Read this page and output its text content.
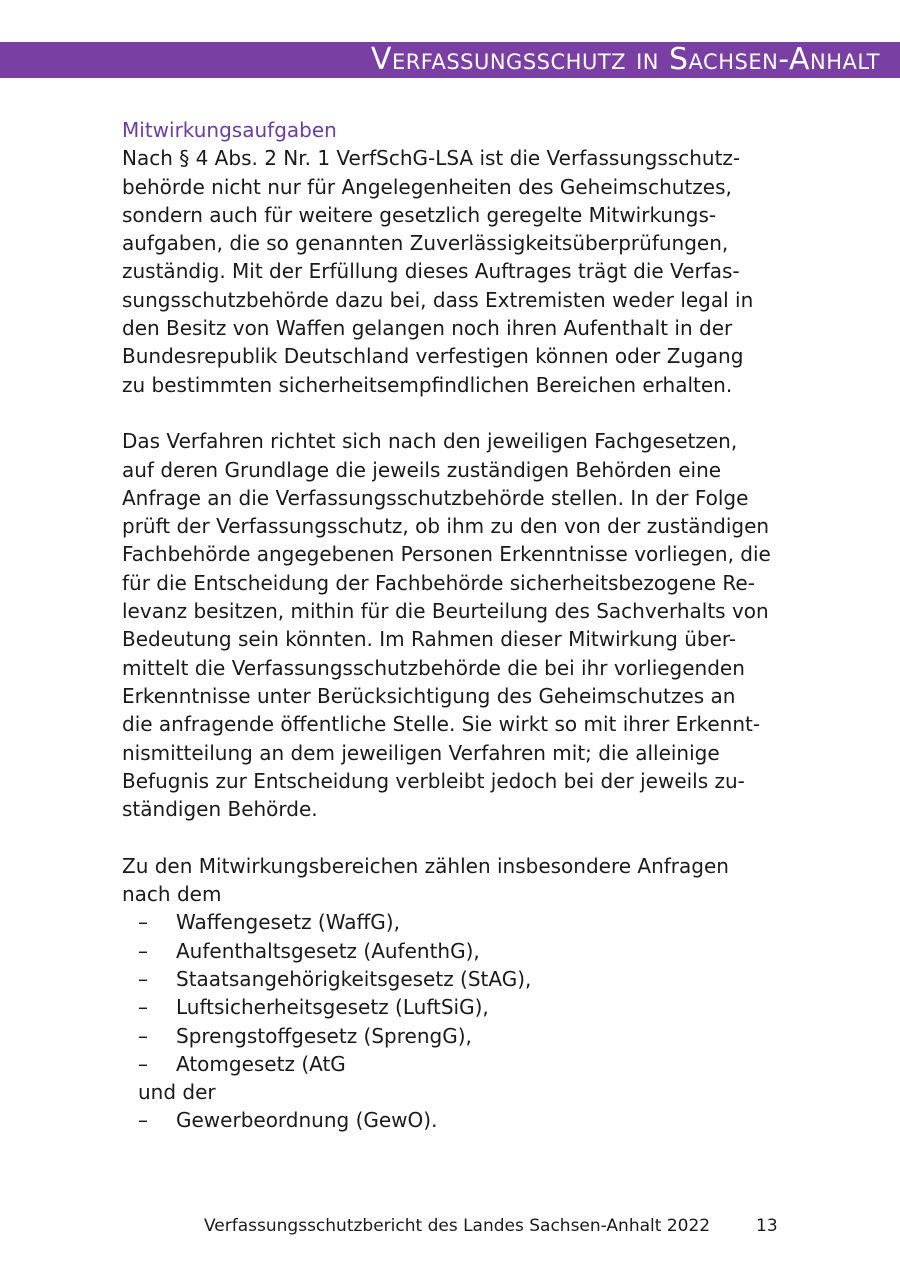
Verfassungsschutz in Sachsen-Anhalt
Mitwirkungsaufgaben

Nach § 4 Abs. 2 Nr. 1 VerfSchG-LSA ist die Verfassungsschutz-
behörde nicht nur für Angelegenheiten des Geheimschutzes,
sondern auch für weitere gesetzlich geregelte Mitwirkungs-
aufgaben, die so genannten Zuverlässigkeitsüberprüfungen,
zuständig. Mit der Erfüllung dieses Auftrages trägt die Verfas-
sungsschutzbehörde dazu bei, dass Extremisten weder legal in
den Besitz von Waffen gelangen noch ihren Aufenthalt in der
Bundesrepublik Deutschland verfestigen können oder Zugang
zu bestimmten sicherheitsempfindlichen Bereichen erhalten.

Das Verfahren richtet sich nach den jeweiligen Fachgesetzen,
auf deren Grundlage die jeweils zuständigen Behörden eine
Anfrage an die Verfassungsschutzbehörde stellen. In der Folge
prüft der Verfassungsschutz, ob ihm zu den von der zuständigen
Fachbehörde angegebenen Personen Erkenntnisse vorliegen, die
für die Entscheidung der Fachbehörde sicherheitsbezogene Re-
levanz besitzen, mithin für die Beurteilung des Sachverhalts von
Bedeutung sein könnten. Im Rahmen dieser Mitwirkung über-
mittelt die Verfassungsschutzbehörde die bei ihr vorliegenden
Erkenntnisse unter Berücksichtigung des Geheimschutzes an
die anfragende öffentliche Stelle. Sie wirkt so mit ihrer Erkennt-
nismitteilung an dem jeweiligen Verfahren mit; die alleinige
Befugnis zur Entscheidung verbleibt jedoch bei der jeweils zu-
ständigen Behörde.

Zu den Mitwirkungsbereichen zählen insbesondere Anfragen
nach dem

– Waffengesetz (WaffG),
– Aufenthaltsgesetz (AufenthG),
– Staatsangehörigkeitsgesetz (StAG),
– Luftsicherheitsgesetz (LuftSiG),
– Sprengstoffgesetz (SprengG),
– Atomgesetz (AtG

und der

– Gewerbeordnung (GewO).
Verfassungsschutzbericht des Landes Sachsen-Anhalt 2022	13
